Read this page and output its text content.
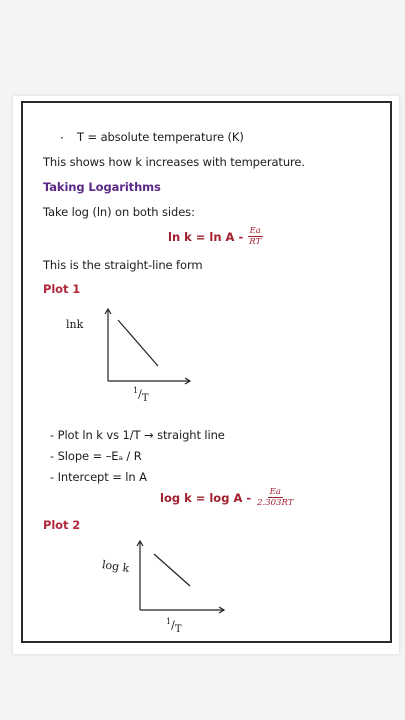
· T = absolute temperature (K)
This shows how k increases with temperature.
Taking Logarithms
Take log (ln) on both sides:
$\ln k = \ln A - \frac{Ea}{RT}$
This is the straight-line form
Plot 1
lnk
$^1/_T$
- Plot ln k vs 1/T → straight line
- Slope = –Eₐ / R
- Intercept = ln A
$\log k = \log A - \frac{Ea}{2.303RT}$
Plot 2
log k
$^1/_T$
